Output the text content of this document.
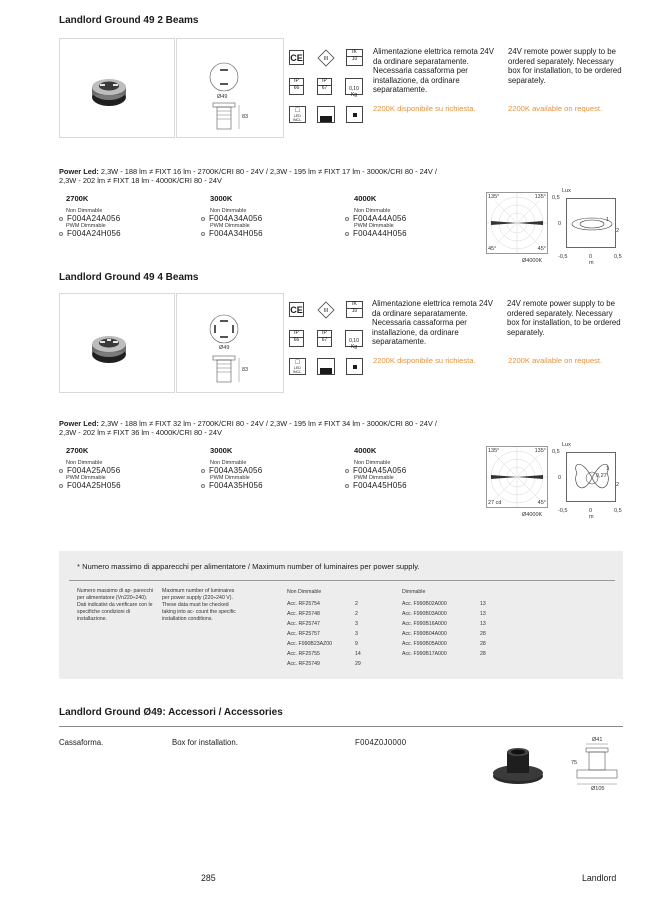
Landlord Ground 49 2 Beams
Ø49
83
CE	III
IK
10
IP
66
IP
67	0,10 Kg
□
LED INCL.
Alimentazione elettrica remota 24V da ordinare separatamente. Necessaria cassaforma per installazione, da ordinare separatamente.
24V remote power supply to be ordered separately. Necessary box for installation, to be ordered separately.
2200K disponibile su richiesta.	2200K available on request.
Power Led: 2,3W - 188 lm ≠ FIXT 16 lm - 2700K/CRI 80 - 24V / 2,3W - 195 lm ≠ FIXT 17 lm - 3000K/CRI 80 - 24V /
2,3W - 202 lm ≠ FIXT 18 lm - 4000K/CRI 80 - 24V
2700K
Non Dimmable
F004A24A056
PWM Dimmable
F004A24H056
3000K
Non Dimmable
F004A34A056
PWM Dimmable
F004A34H056
4000K
Non Dimmable
F004A44A056
PWM Dimmable
F004A44H056
135°	135°
45°	45°
Ø4000K
Lux
0,5
0
-0,5	0	0,5
m
1
2
Landlord Ground 49 4 Beams
Ø49
83
CE	III
IK
10
IP
66
IP
67	0,10 Kg
□
LED INCL.
Alimentazione elettrica remota 24V da ordinare separatamente. Necessaria cassaforma per installazione, da ordinare separatamente.
24V remote power supply to be ordered separately. Necessary box for installation, to be ordered separately.
2200K disponibile su richiesta.	2200K available on request.
Power Led: 2,3W - 188 lm ≠ FIXT 32 lm - 2700K/CRI 80 - 24V / 2,3W - 195 lm ≠ FIXT 34 lm - 3000K/CRI 80 - 24V /
2,3W - 202 lm ≠ FIXT 36 lm - 4000K/CRI 80 - 24V
2700K
Non Dimmable
F004A25A056
PWM Dimmable
F004A25H056
3000K
Non Dimmable
F004A35A056
PWM Dimmable
F004A35H056
4000K
Non Dimmable
F004A45A056
PWM Dimmable
F004A45H056
135°	135°
27 cd	45°
Ø4000K
Lux
0,5
0
-0,5	0	0,5
m
1
2
0,27
* Numero massimo di apparecchi per alimentatore / Maximum number of luminaires per power supply.
Numero massimo di ap- parecchi per alimentatore (Vn220÷240). Dati indicativi da verificare con le specifiche condizioni di installazione.
Maximum number of luminaires per power supply (220÷240 V). These data must be checked taking into ac- count the specific installation conditions.
Non Dimmable	Dimmable
Acc. RF25754	2
Acc. RF25748	2
Acc. RF25747	3
Acc. RF25757	3
Acc. F990B23AZ00	9
Acc. RF25755	14
Acc. RF25749	29
Acc. F990B02A000	13
Acc. F990B03A000	13
Acc. F990B16A000	13
Acc. F990B04A000	28
Acc. F990B05A000	28
Acc. F990B17A000	28
Landlord Ground Ø49: Accessori / Accessories
Cassaforma.	Box for installation.	F004Z0J0000	Ø41
75
Ø105
285	Landlord
